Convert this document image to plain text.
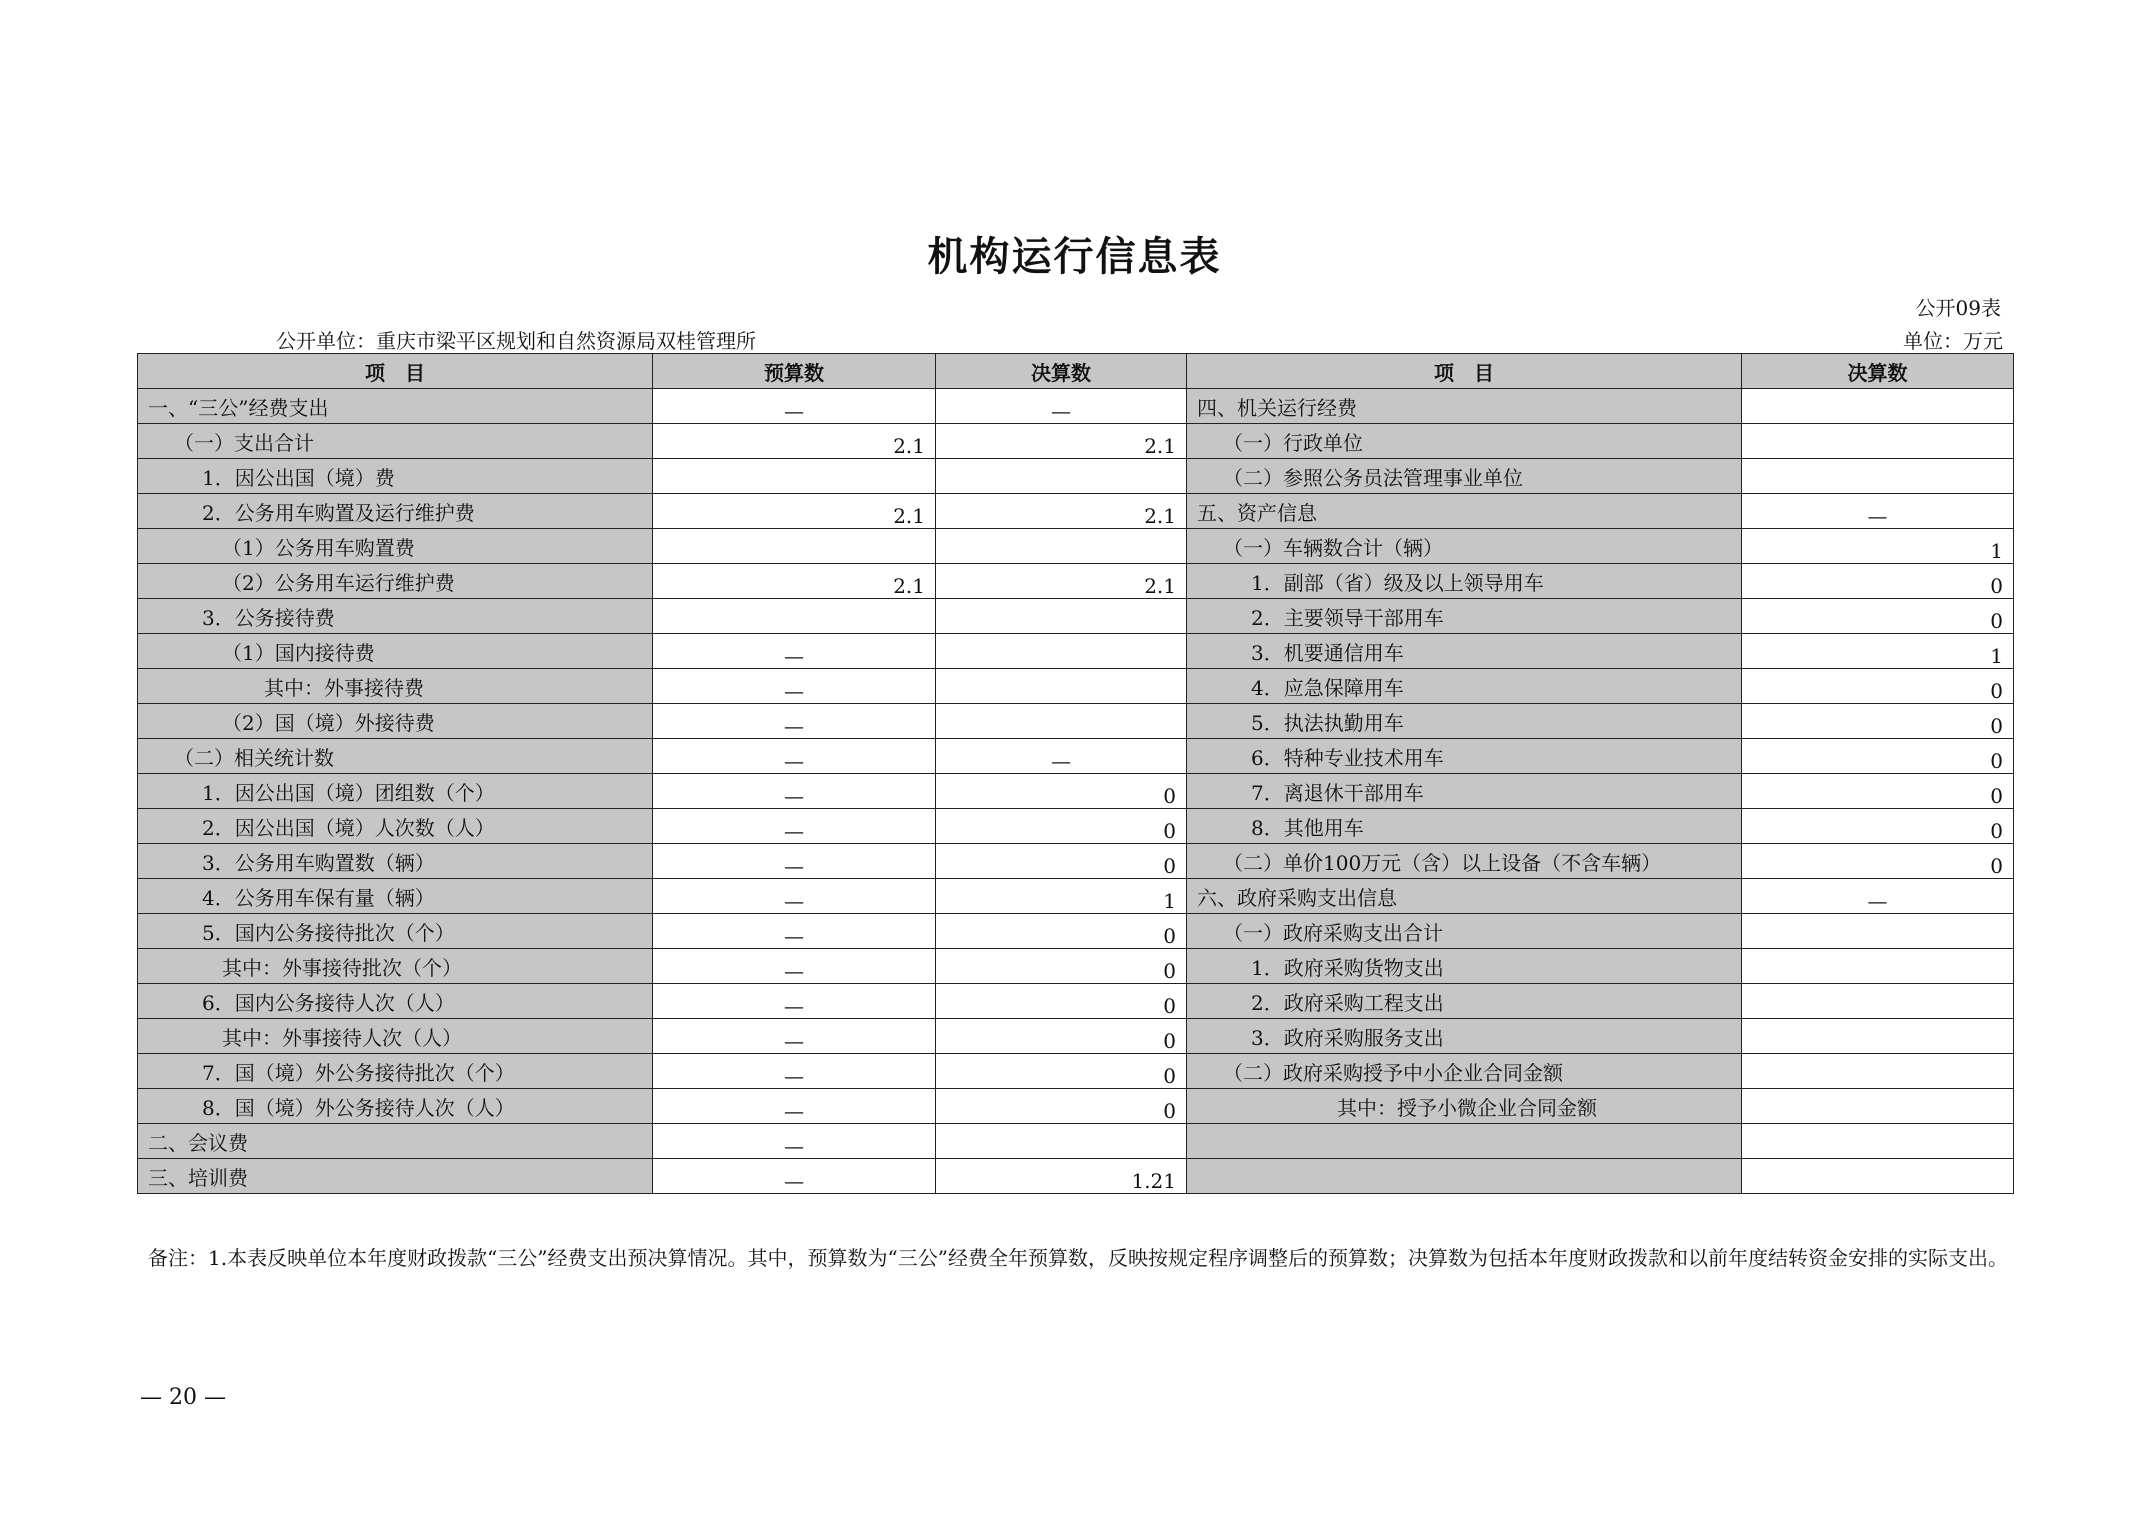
机构运行信息表
公开09表
公开单位：重庆市梁平区规划和自然资源局双桂管理所	单位：万元
项　目	预算数	决算数	项　目	决算数
一、“三公”经费支出	—	—	四、机关运行经费	
（一）支出合计	2.1	2.1	（一）行政单位	
1．因公出国（境）费			（二）参照公务员法管理事业单位	
2．公务用车购置及运行维护费	2.1	2.1	五、资产信息	—
（1）公务用车购置费			（一）车辆数合计（辆）	1
（2）公务用车运行维护费	2.1	2.1	1．副部（省）级及以上领导用车	0
3．公务接待费			2．主要领导干部用车	0
（1）国内接待费	—		3．机要通信用车	1
其中：外事接待费	—		4．应急保障用车	0
（2）国（境）外接待费	—		5．执法执勤用车	0
（二）相关统计数	—	—	6．特种专业技术用车	0
1．因公出国（境）团组数（个）	—	0	7．离退休干部用车	0
2．因公出国（境）人次数（人）	—	0	8．其他用车	0
3．公务用车购置数（辆）	—	0	（二）单价100万元（含）以上设备（不含车辆）	0
4．公务用车保有量（辆）	—	1	六、政府采购支出信息	—
5．国内公务接待批次（个）	—	0	（一）政府采购支出合计	
其中：外事接待批次（个）	—	0	1．政府采购货物支出	
6．国内公务接待人次（人）	—	0	2．政府采购工程支出	
其中：外事接待人次（人）	—	0	3．政府采购服务支出	
7．国（境）外公务接待批次（个）	—	0	（二）政府采购授予中小企业合同金额	
8．国（境）外公务接待人次（人）	—	0	其中：授予小微企业合同金额	
二、会议费	—			
三、培训费	—	1.21		
备注：1.本表反映单位本年度财政拨款“三公”经费支出预决算情况。其中，预算数为“三公”经费全年预算数，反映按规定程序调整后的预算数；决算数为包括本年度财政拨款和以前年度结转资金安排的实际支出。
— 20 —
